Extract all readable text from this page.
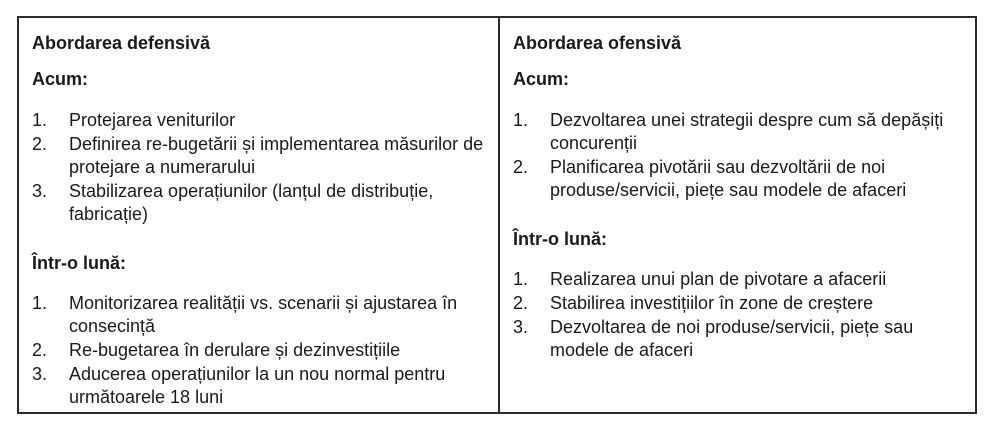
Abordarea defensivă
Acum:
1. Protejarea veniturilor
2. Definirea re-bugetării și implementarea măsurilor de protejare a numerarului
3. Stabilizarea operațiunilor (lanțul de distribuție, fabricație)
Într-o lună:
1. Monitorizarea realității vs. scenarii și ajustarea în consecință
2. Re-bugetarea în derulare și dezinvestițiile
3. Aducerea operațiunilor la un nou normal pentru următoarele 18 luni
Abordarea ofensivă
Acum:
1. Dezvoltarea unei strategii despre cum să depășiți concurenții
2. Planificarea pivotării sau dezvoltării de noi produse/servicii, piețe sau modele de afaceri
Într-o lună:
1. Realizarea unui plan de pivotare a afacerii
2. Stabilirea investițiilor în zone de creștere
3. Dezvoltarea de noi produse/servicii, piețe sau modele de afaceri
